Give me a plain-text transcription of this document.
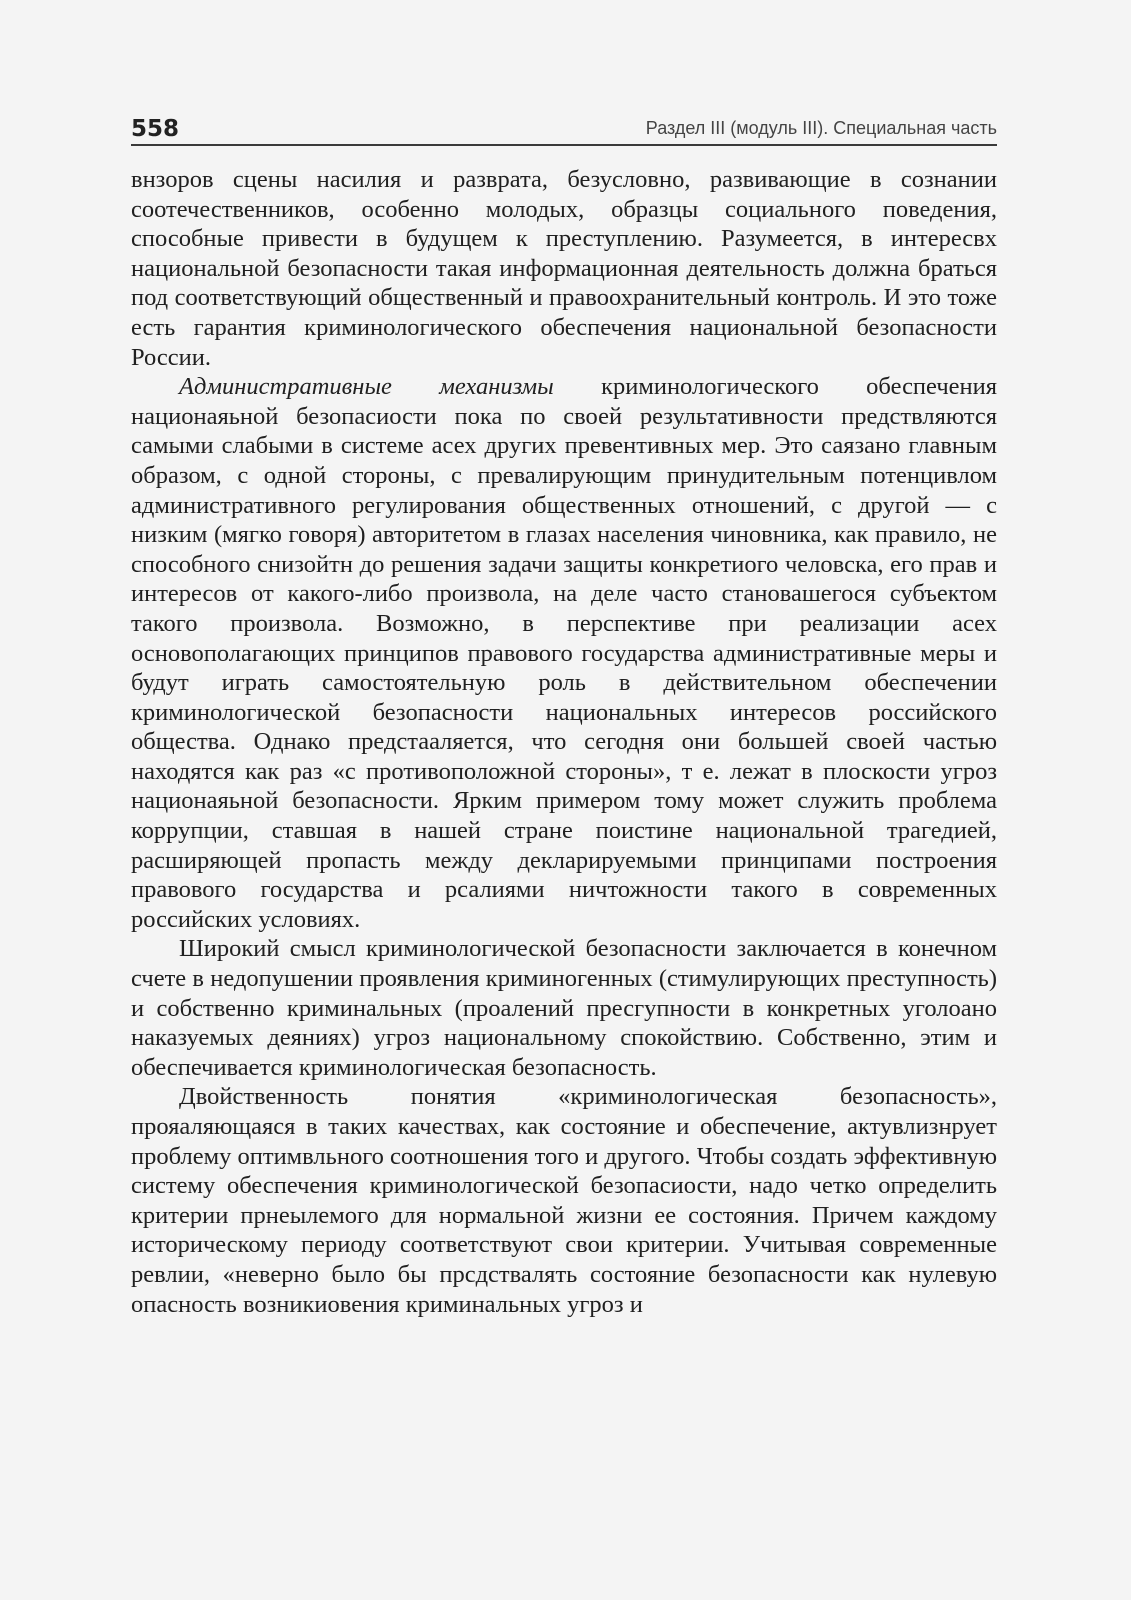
558	Раздел III (модуль III). Специальная часть

внзоров сцены насилия и разврата, безусловно, развивающие в сознании соотечественников, особенно молодых, образцы социального поведения, способные привести в будущем к преступлению. Разумеется, в интересвх национальной безопасности такая информационная деятельность должна браться под соответствующий общественный и правоохранительный контроль. И это тоже есть гарантия криминологического обеспечения национальной безопасности России.

Административные механизмы криминологического обеспечения национаяьной безопасиости пока по своей результативности предствляются самыми слабыми в системе асех других превентивных мер. Это саязано главным образом, с одной стороны, с превалирующим принудительным потенцивлом административного регулирования общественных отношений, с другой — с низким (мягко говоря) авторитетом в глазах населения чиновника, как правило, не способного снизойтн до решения задачи защиты конкретиого человска, его прав и интересов от какого-либо произвола, на деле часто становашегося субъектом такого произвола. Возможно, в перспективе при реализации асех основополагающих принципов правового государства административные меры и будут играть самостоятельную роль в действительном обеспечении криминологической безопасности национальных интересов российского общества. Однако предстаaляется, что сегодня они большей своей частью находятся как раз «с противоположной стороны», т е. лежат в плоскости угроз национаяьной безопасности. Ярким примером тому может служить проблема коррупции, ставшая в нашей стране поистине национальной трагедией, расширяющей пропасть между декларируемыми принципами построения правового государства и рсалиями ничтожности такого в современных российских условиях.

Широкий смысл криминологической безопасности заключается в конечном счете в недопушении проявления криминогенных (стимулирующих преступность) и собственно криминальных (проалений пресгупности в конкретных уголоано наказуемых деяниях) угроз национальному спокойствию. Собственно, этим и обеспечивается криминологическая безопасность.

Двойственность понятия «криминологическая безопасность», прояаляющаяся в таких качествах, как состояние и обеспечение, актувлизнрует проблему оптимвльного соотношения того и другого. Чтобы создать эффективную систему обеспечения криминологической безопасиости, надо четко определить критерии прнеылемого для нормальной жизни ее состояния. Причем каждому историческому периоду соответствуют свои критерии. Учитывая современные ревлии, «неверно было бы прсдствалять состояние безопасности как нулевую опасность возникиовения криминальных угроз и
